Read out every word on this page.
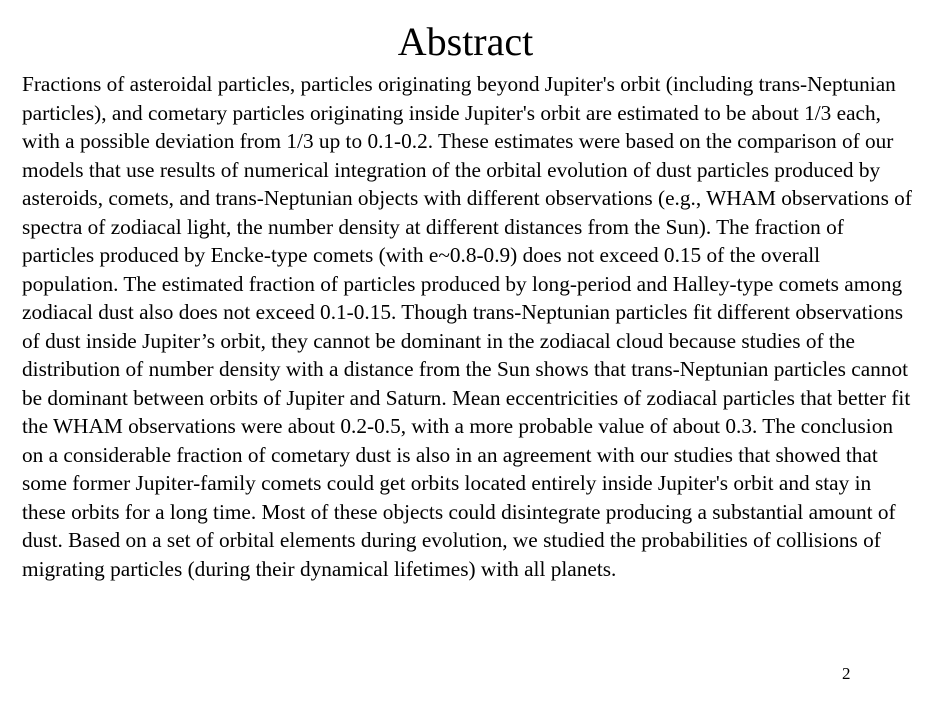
Abstract

Fractions of asteroidal particles, particles originating beyond Jupiter's orbit (including trans-Neptunian particles), and cometary particles originating inside Jupiter's orbit are estimated to be about 1/3 each, with a possible deviation from 1/3 up to 0.1-0.2. These estimates were based on the comparison of our models that use results of numerical integration of the orbital evolution of dust particles produced by asteroids, comets, and trans-Neptunian objects with different observations (e.g., WHAM observations of spectra of zodiacal light, the number density at different distances from the Sun). The fraction of particles produced by Encke-type comets (with e~0.8-0.9) does not exceed 0.15 of the overall population. The estimated fraction of particles produced by long-period and Halley-type comets among zodiacal dust also does not exceed 0.1-0.15. Though trans-Neptunian particles fit different observations of dust inside Jupiter’s orbit, they cannot be dominant in the zodiacal cloud because studies of the distribution of number density with a distance from the Sun shows that trans-Neptunian particles cannot be dominant between orbits of Jupiter and Saturn. Mean eccentricities of zodiacal particles that better fit the WHAM observations were about 0.2-0.5, with a more probable value of about 0.3. The conclusion on a considerable fraction of cometary dust is also in an agreement with our studies that showed that some former Jupiter-family comets could get orbits located entirely inside Jupiter's orbit and stay in these orbits for a long time. Most of these objects could disintegrate producing a substantial amount of dust. Based on a set of orbital elements during evolution, we studied the probabilities of collisions of migrating particles (during their dynamical lifetimes) with all planets.

2
